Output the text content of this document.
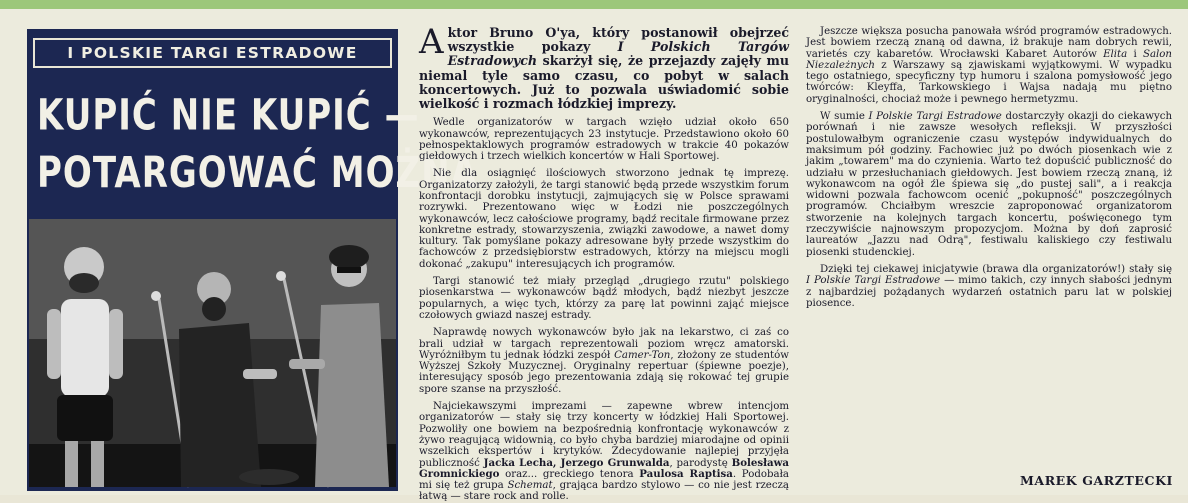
I POLSKIE TARGI ESTRADOWE
KUPIĆ NIE KUPIĆ —
POTARGOWAĆ MOŻNA

Aktor Bruno O'ya, który postanowił obejrzeć wszystkie pokazy I Polskich Targów Estradowych skarżył się, że przejazdy zajęły mu niemal tyle samo czasu, co pobyt w salach koncertowych. Już to pozwala uświadomić sobie wielkość i rozmach łódzkiej imprezy.

Wedle organizatorów w targach wzięło udział około 650 wykonawców, reprezentujących 23 instytucje. Przedstawiono około 60 pełnospektaklowych programów estradowych w trakcie 40 pokazów giełdowych i trzech wielkich koncertów w Hali Sportowej.

Nie dla osiągnięć ilościowych stworzono jednak tę imprezę. Organizatorzy założyli, że targi stanowić będą przede wszystkim forum konfrontacji dorobku instytucji, zajmujących się w Polsce sprawami rozrywki. Prezentowano więc w Łodzi nie poszczególnych wykonawców, lecz całościowe programy, bądź recitale firmowane przez konkretne estrady, stowarzyszenia, związki zawodowe, a nawet domy kultury. Tak pomyślane pokazy adresowane były przede wszystkim do fachowców z przedsiębiorstw estradowych, którzy na miejscu mogli dokonać „zakupu" interesujących ich programów.

Targi stanowić też miały przegląd „drugiego rzutu" polskiego piosenkarstwa — wykonawców bądź młodych, bądź niezbyt jeszcze popularnych, a więc tych, którzy za parę lat powinni zająć miejsce czołowych gwiazd naszej estrady.

Naprawdę nowych wykonawców było jak na lekarstwo, ci zaś co brali udział w targach reprezentowali poziom wręcz amatorski. Wyróżniłbym tu jednak łódzki zespół Camer-Ton, złożony ze studentów Wyższej Szkoły Muzycznej. Oryginalny repertuar (śpiewne poezje), interesujący sposób jego prezentowania zdają się rokować tej grupie spore szanse na przyszłość.

Najciekawszymi imprezami — zapewne wbrew intencjom organizatorów — stały się trzy koncerty w łódzkiej Hali Sportowej. Pozwoliły one bowiem na bezpośrednią konfrontację wykonawców z żywo reagującą widownią, co było chyba bardziej miarodajne od opinii wszelkich ekspertów i krytyków. Zdecydowanie najlepiej przyjęła publiczność Jacka Lecha, Jerzego Grunwalda, parodystę Bolesława Gromnickiego oraz... greckiego tenora Paulosa Raptisa. Podobała mi się też grupa Schemat, grająca bardzo stylowo — co nie jest rzeczą łatwą — stare rock and rolle.

Jeszcze większa posucha panowała wśród programów estradowych. Jest bowiem rzeczą znaną od dawna, iż brakuje nam dobrych rewii, varietés czy kabaretów. Wrocławski Kabaret Autorów Elita i Salon Niezależnych z Warszawy są zjawiskami wyjątkowymi. W wypadku tego ostatniego, specyficzny typ humoru i szalona pomysłowość jego twórców: Kleyffa, Tarkowskiego i Wajsa nadają mu piętno oryginalności, chociaż może i pewnego hermetyzmu.

W sumie I Polskie Targi Estradowe dostarczyły okazji do ciekawych porównań i nie zawsze wesołych refleksji. W przyszłości postulowałbym ograniczenie czasu występów indywidualnych do maksimum pół godziny. Fachowiec już po dwóch piosenkach wie z jakim „towarem" ma do czynienia. Warto też dopuścić publiczność do udziału w przesłuchaniach giełdowych. Jest bowiem rzeczą znaną, iż wykonawcom na ogół źle śpiewa się „do pustej sali", a i reakcja widowni pozwala fachowcom ocenić „pokupność" poszczególnych programów. Chciałbym wreszcie zaproponować organizatorom stworzenie na kolejnych targach koncertu, poświęconego tym rzeczywiście najnowszym propozycjom. Można by doń zaprosić laureatów „Jazzu nad Odrą", festiwalu kaliskiego czy festiwalu piosenki studenckiej.

Dzięki tej ciekawej inicjatywie (brawa dla organizatorów!) stały się I Polskie Targi Estradowe — mimo takich, czy innych słabości jednym z najbardziej pożądanych wydarzeń ostatnich paru lat w polskiej piosence.

MAREK GARZTECKI
